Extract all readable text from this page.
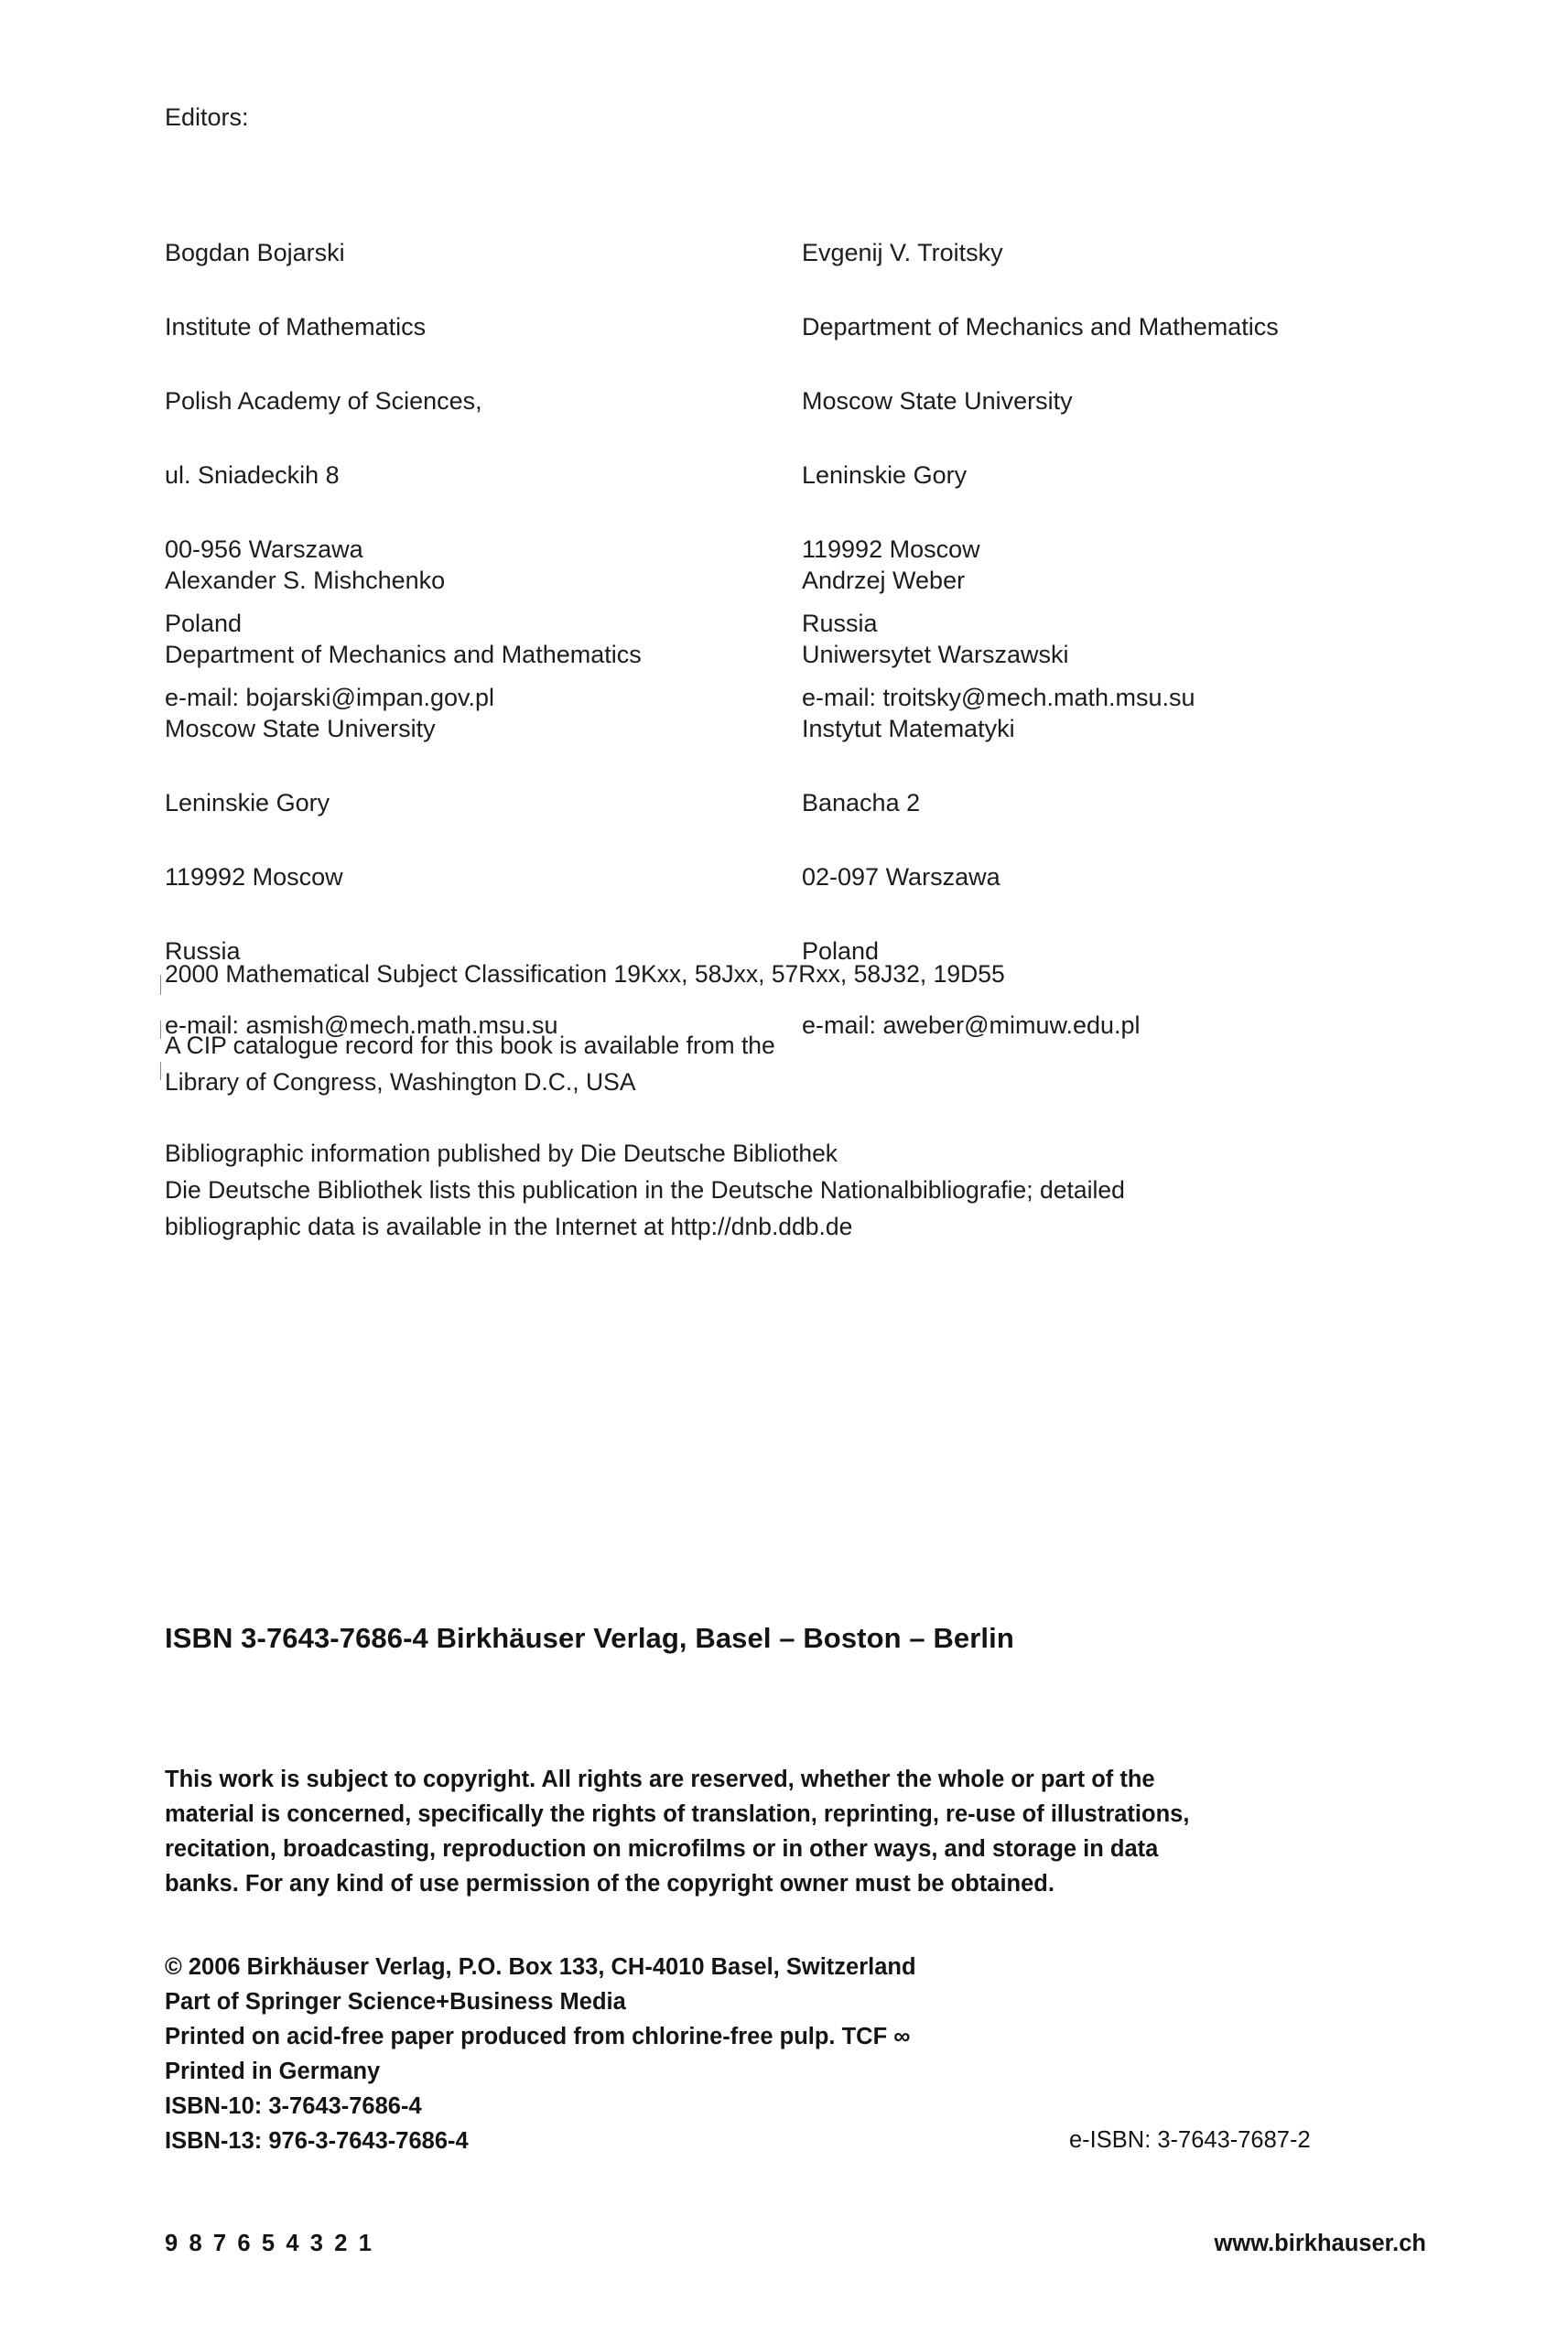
Editors:

Bogdan Bojarski

Institute of Mathematics

Polish Academy of Sciences,

ul. Sniadeckih 8

00-956 Warszawa

Poland

e-mail: bojarski@impan.gov.pl

Evgenij V. Troitsky

Department of Mechanics and Mathematics

Moscow State University

Leninskie Gory

119992 Moscow

Russia

e-mail: troitsky@mech.math.msu.su

Alexander S. Mishchenko

Department of Mechanics and Mathematics

Moscow State University

Leninskie Gory

119992 Moscow

Russia

e-mail: asmish@mech.math.msu.su

Andrzej Weber

Uniwersytet Warszawski

Instytut Matematyki

Banacha 2

02-097 Warszawa

Poland

e-mail: aweber@mimuw.edu.pl

2000 Mathematical Subject Classification 19Kxx, 58Jxx, 57Rxx, 58J32, 19D55
A CIP catalogue record for this book is available from the
Library of Congress, Washington D.C., USA
Bibliographic information published by Die Deutsche Bibliothek
Die Deutsche Bibliothek lists this publication in the Deutsche Nationalbibliografie; detailed
bibliographic data is available in the Internet at http://dnb.ddb.de
ISBN 3-7643-7686-4 Birkhäuser Verlag, Basel – Boston – Berlin
This work is subject to copyright. All rights are reserved, whether the whole or part of the
material is concerned, specifically the rights of translation, reprinting, re-use of illustrations,
recitation, broadcasting, reproduction on microfilms or in other ways, and storage in data
banks. For any kind of use permission of the copyright owner must be obtained.
© 2006 Birkhäuser Verlag, P.O. Box 133, CH-4010 Basel, Switzerland
Part of Springer Science+Business Media
Printed on acid-free paper produced from chlorine-free pulp. TCF ∞
Printed in Germany
ISBN-10: 3-7643-7686-4
ISBN-13: 976-3-7643-7686-4	e-ISBN: 3-7643-7687-2
9 8 7 6 5 4 3 2 1	www.birkhauser.ch
